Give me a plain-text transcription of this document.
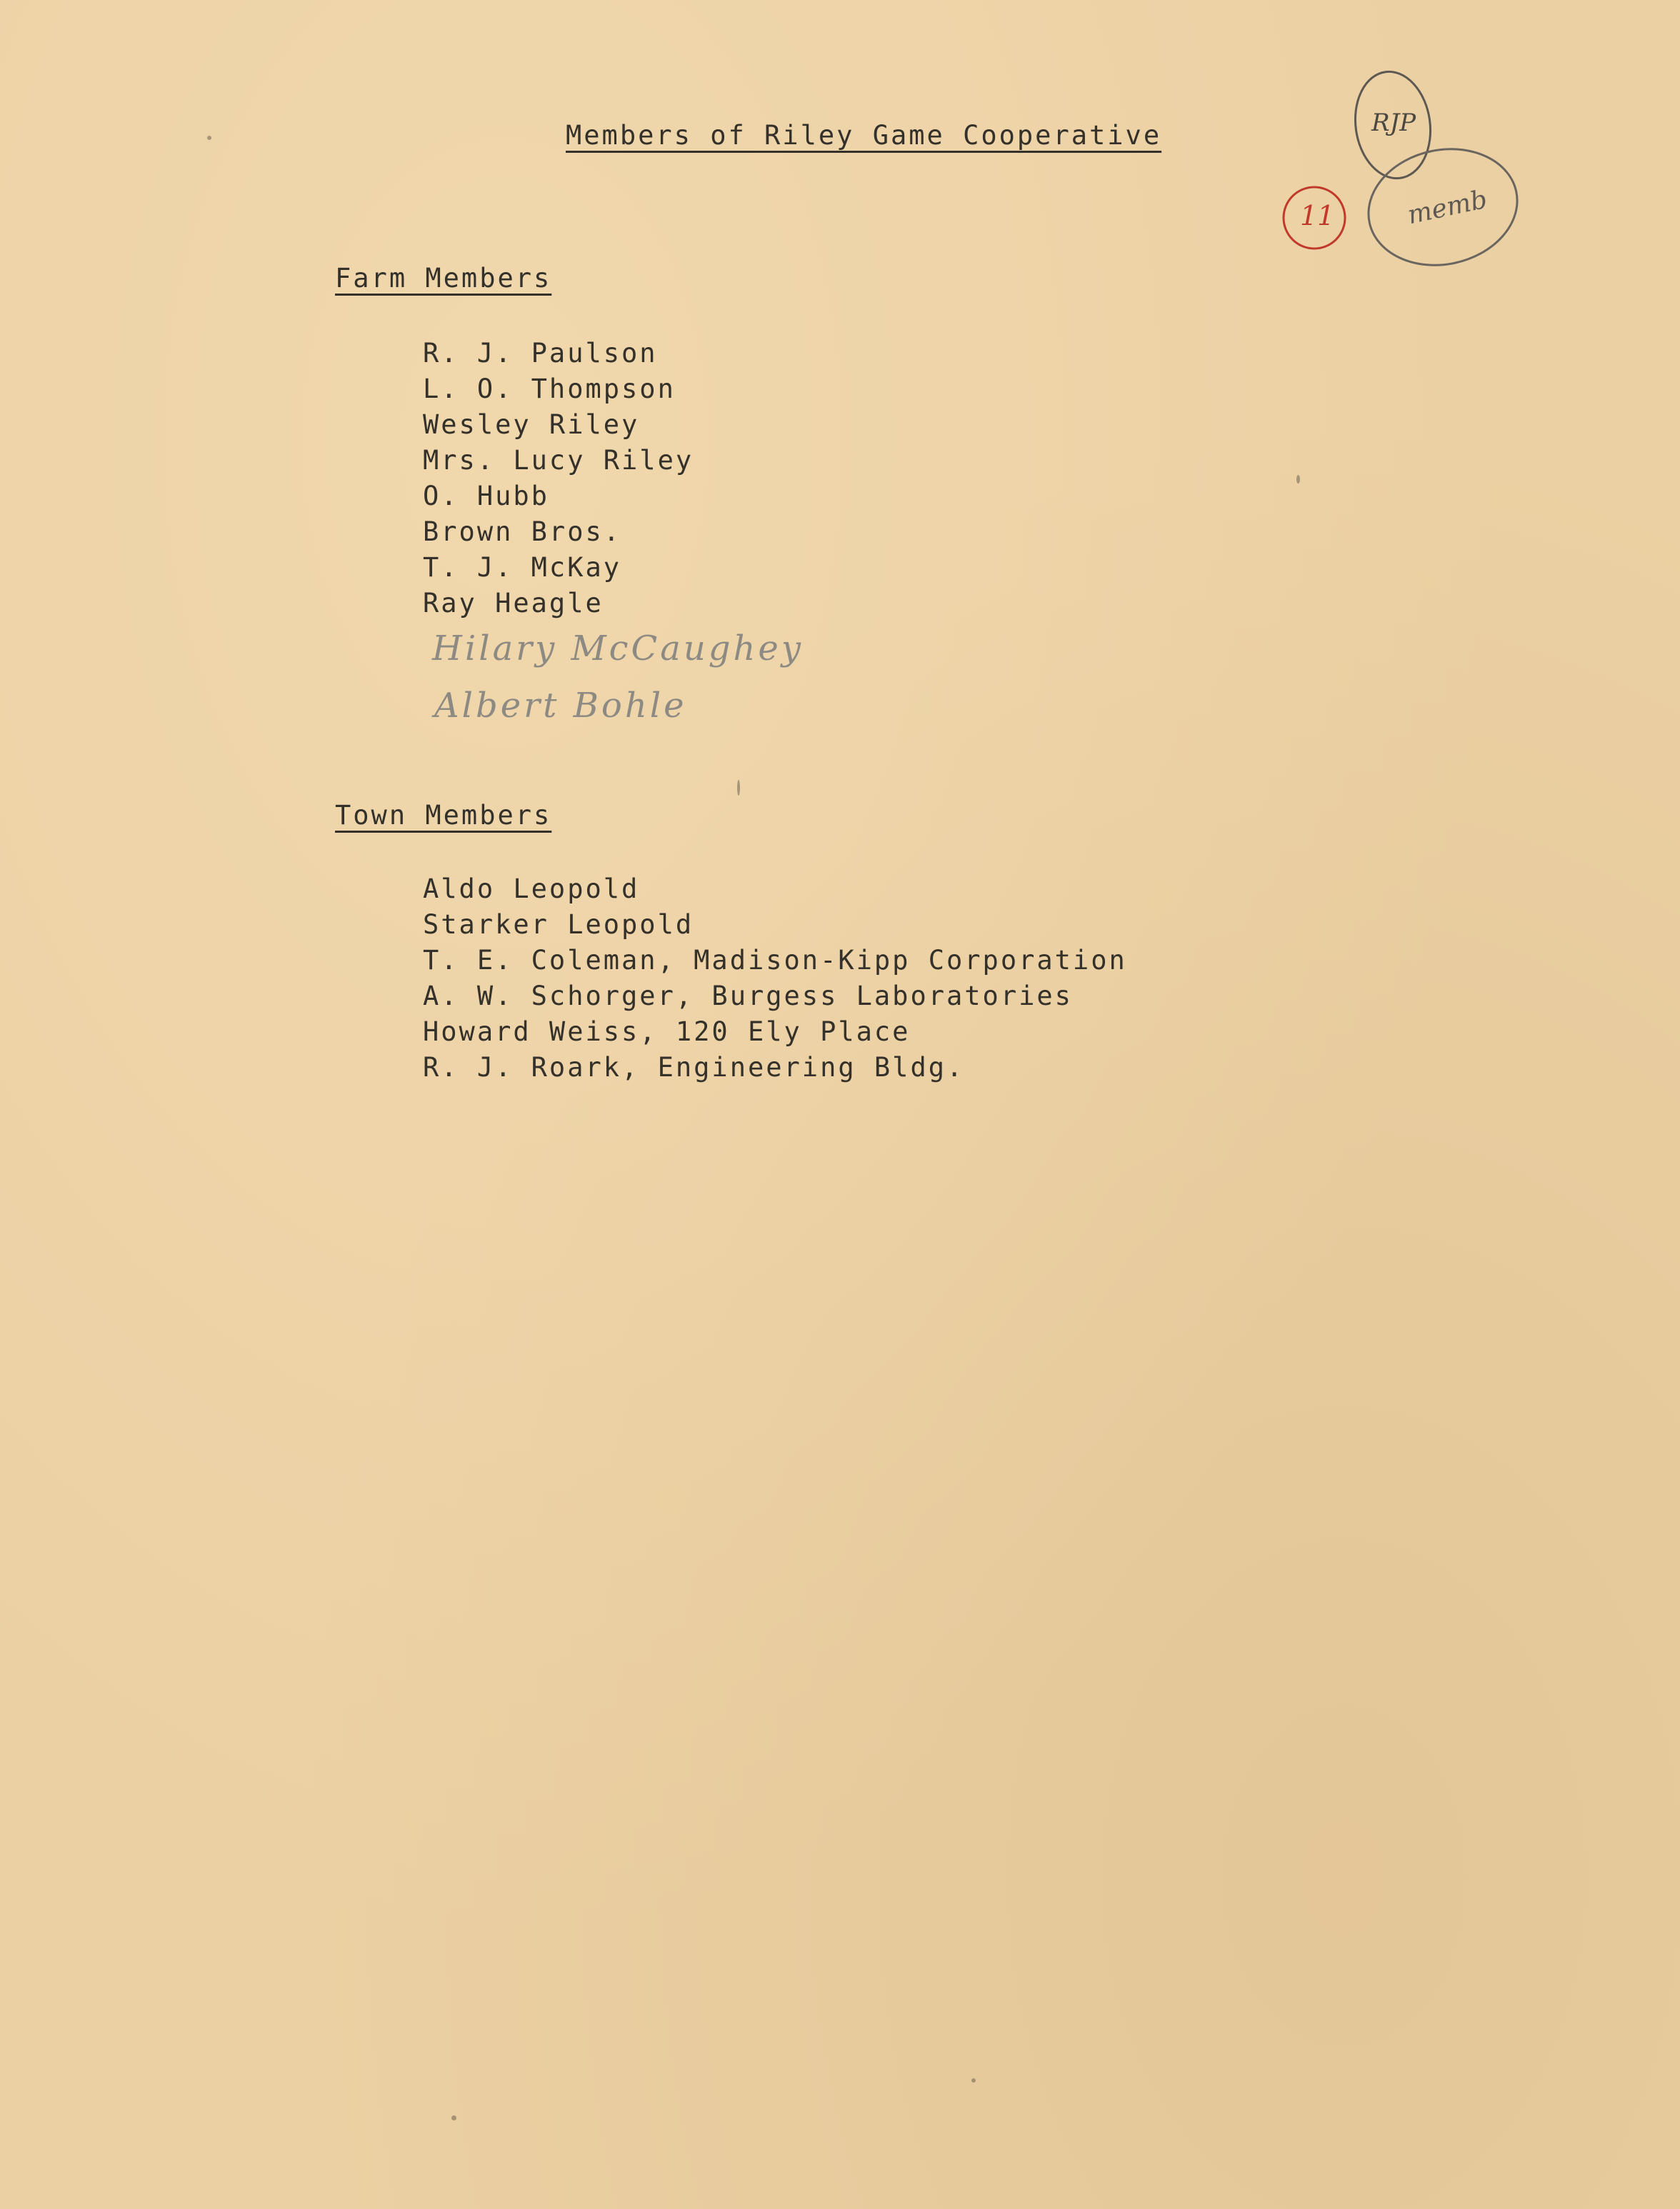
Members of Riley Game Cooperative	RJP
11	memb
Farm Members
R. J. Paulson
L. O. Thompson
Wesley Riley
Mrs. Lucy Riley
O. Hubb
Brown Bros.
T. J. McKay
Ray Heagle
Hilary McCaughey
Albert Bohle
Town Members
Aldo Leopold
Starker Leopold
T. E. Coleman, Madison-Kipp Corporation
A. W. Schorger, Burgess Laboratories
Howard Weiss, 120 Ely Place
R. J. Roark, Engineering Bldg.
